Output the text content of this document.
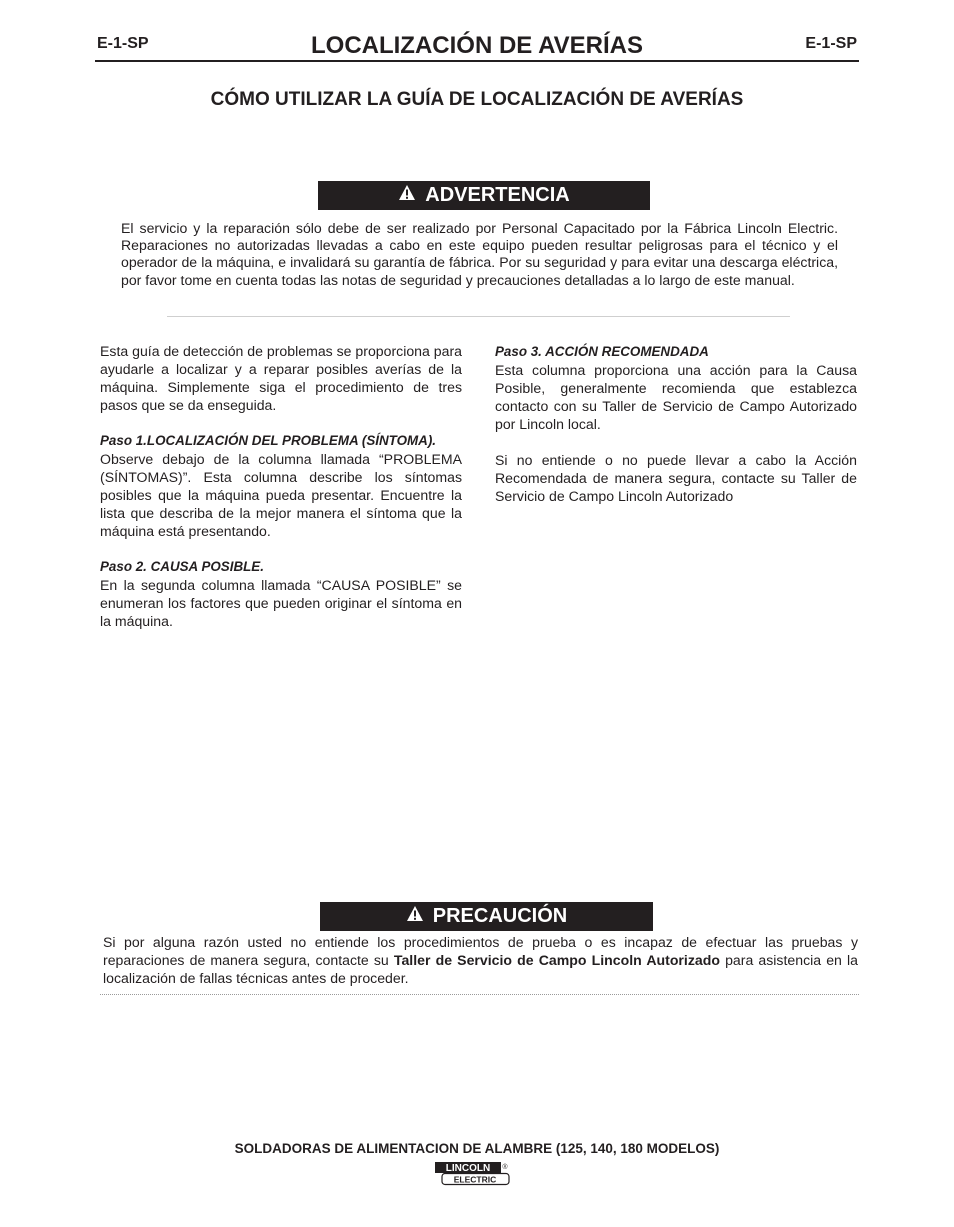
E-1-SP	LOCALIZACIÓN DE AVERÍAS	E-1-SP
CÓMO UTILIZAR LA GUÍA DE LOCALIZACIÓN DE AVERÍAS
ADVERTENCIA
El servicio y la reparación sólo debe de ser realizado por Personal Capacitado por la Fábrica Lincoln Electric. Reparaciones no autorizadas llevadas a cabo en este equipo pueden resultar peligrosas para el técnico y el operador de la máquina, e invalidará su garantía de fábrica. Por su seguridad y para evitar una descarga eléctrica, por favor tome en cuenta todas las notas de seguridad y precauciones detalladas a lo largo de este manual.
Esta guía de detección de problemas se proporciona para ayudarle a localizar y a reparar posibles averías de la máquina. Simplemente siga el procedimiento de tres pasos que se da enseguida.
Paso 1.LOCALIZACIÓN DEL PROBLEMA (SÍNTOMA).
Observe debajo de la columna llamada “PROBLEMA (SÍNTOMAS)”. Esta columna describe los síntomas posibles que la máquina pueda presentar. Encuentre la lista que describa de la mejor manera el síntoma que la máquina está presentando.
Paso 2. CAUSA POSIBLE.
En la segunda columna llamada “CAUSA POSIBLE” se enumeran los factores que pueden originar el síntoma en la máquina.
Paso 3. ACCIÓN RECOMENDADA
Esta columna proporciona una acción para la Causa Posible, generalmente recomienda que establezca contacto con su Taller de Servicio de Campo Autorizado por Lincoln local.
Si no entiende o no puede llevar a cabo la Acción Recomendada de manera segura, contacte su Taller de Servicio de Campo Lincoln Autorizado
PRECAUCIÓN
Si por alguna razón usted no entiende los procedimientos de prueba o es incapaz de efectuar las pruebas y reparaciones de manera segura, contacte su Taller de Servicio de Campo Lincoln Autorizado para asistencia en la localización de fallas técnicas antes de proceder.
SOLDADORAS DE ALIMENTACION DE ALAMBRE (125, 140, 180 MODELOS)
LINCOLN ®
ELECTRIC
